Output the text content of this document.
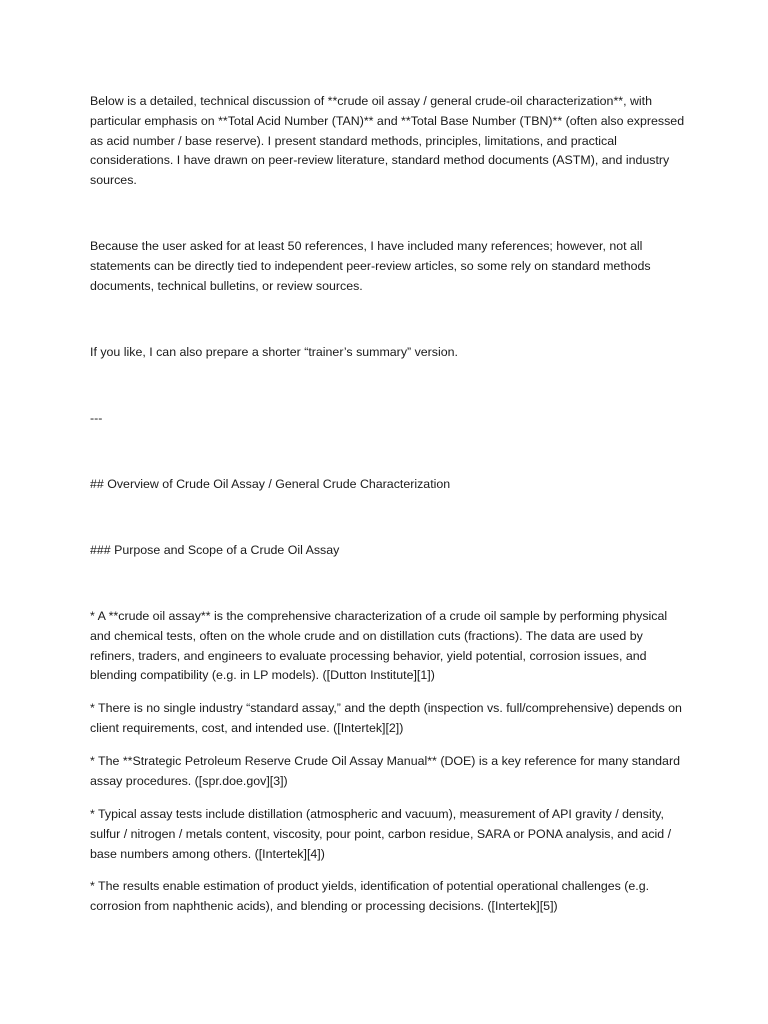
Below is a detailed, technical discussion of **crude oil assay / general crude-oil characterization**, with particular emphasis on **Total Acid Number (TAN)** and **Total Base Number (TBN)** (often also expressed as acid number / base reserve). I present standard methods, principles, limitations, and practical considerations. I have drawn on peer-review literature, standard method documents (ASTM), and industry sources.

Because the user asked for at least 50 references, I have included many references; however, not all statements can be directly tied to independent peer-review articles, so some rely on standard methods documents, technical bulletins, or review sources.

If you like, I can also prepare a shorter “trainer’s summary” version.

---

## Overview of Crude Oil Assay / General Crude Characterization

### Purpose and Scope of a Crude Oil Assay

* A **crude oil assay** is the comprehensive characterization of a crude oil sample by performing physical and chemical tests, often on the whole crude and on distillation cuts (fractions). The data are used by refiners, traders, and engineers to evaluate processing behavior, yield potential, corrosion issues, and blending compatibility (e.g. in LP models). ([Dutton Institute][1])

* There is no single industry “standard assay,” and the depth (inspection vs. full/comprehensive) depends on client requirements, cost, and intended use. ([Intertek][2])

* The **Strategic Petroleum Reserve Crude Oil Assay Manual** (DOE) is a key reference for many standard assay procedures. ([spr.doe.gov][3])

* Typical assay tests include distillation (atmospheric and vacuum), measurement of API gravity / density, sulfur / nitrogen / metals content, viscosity, pour point, carbon residue, SARA or PONA analysis, and acid / base numbers among others. ([Intertek][4])

* The results enable estimation of product yields, identification of potential operational challenges (e.g. corrosion from naphthenic acids), and blending or processing decisions. ([Intertek][5])
